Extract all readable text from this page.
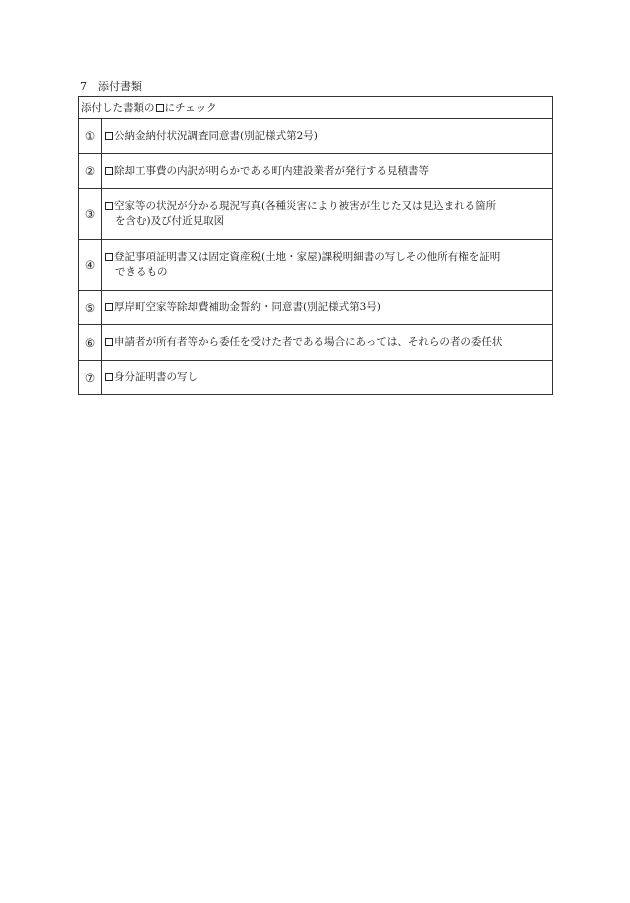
7 添付書類
添付した書類の にチェック	
①	公納金納付状況調査同意書(別記様式第2号)
②	除却工事費の内訳が明らかである町内建設業者が発行する見積書等
③	空家等の状況が分かる現況写真(各種災害により被害が生じた又は見込まれる箇所
を含む)及び付近見取図

④	登記事項証明書又は固定資産税(土地・家屋)課税明細書の写しその他所有権を証明
できるもの

⑤	厚岸町空家等除却費補助金誓約・同意書(別記様式第3号)
⑥	申請者が所有者等から委任を受けた者である場合にあっては、それらの者の委任状
⑦	身分証明書の写し
